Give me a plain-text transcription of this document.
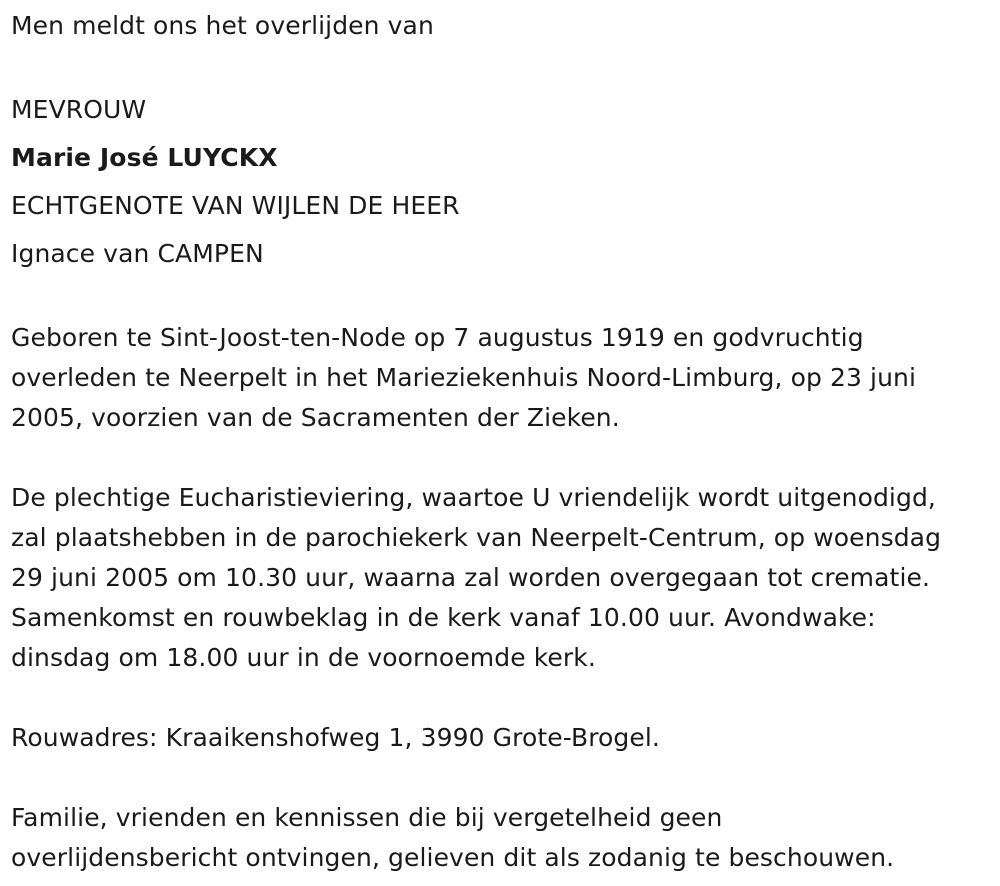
Men meldt ons het overlijden van
MEVROUW
Marie José LUYCKX
ECHTGENOTE VAN WIJLEN DE HEER
Ignace van CAMPEN
Geboren te Sint-Joost-ten-Node op 7 augustus 1919 en godvruchtig
overleden te Neerpelt in het Marieziekenhuis Noord-Limburg, op 23 juni
2005, voorzien van de Sacramenten der Zieken.
De plechtige Eucharistieviering, waartoe U vriendelijk wordt uitgenodigd,
zal plaatshebben in de parochiekerk van Neerpelt-Centrum, op woensdag
29 juni 2005 om 10.30 uur, waarna zal worden overgegaan tot crematie.
Samenkomst en rouwbeklag in de kerk vanaf 10.00 uur. Avondwake:
dinsdag om 18.00 uur in de voornoemde kerk.
Rouwadres: Kraaikenshofweg 1, 3990 Grote-Brogel.
Familie, vrienden en kennissen die bij vergetelheid geen
overlijdensbericht ontvingen, gelieven dit als zodanig te beschouwen.
